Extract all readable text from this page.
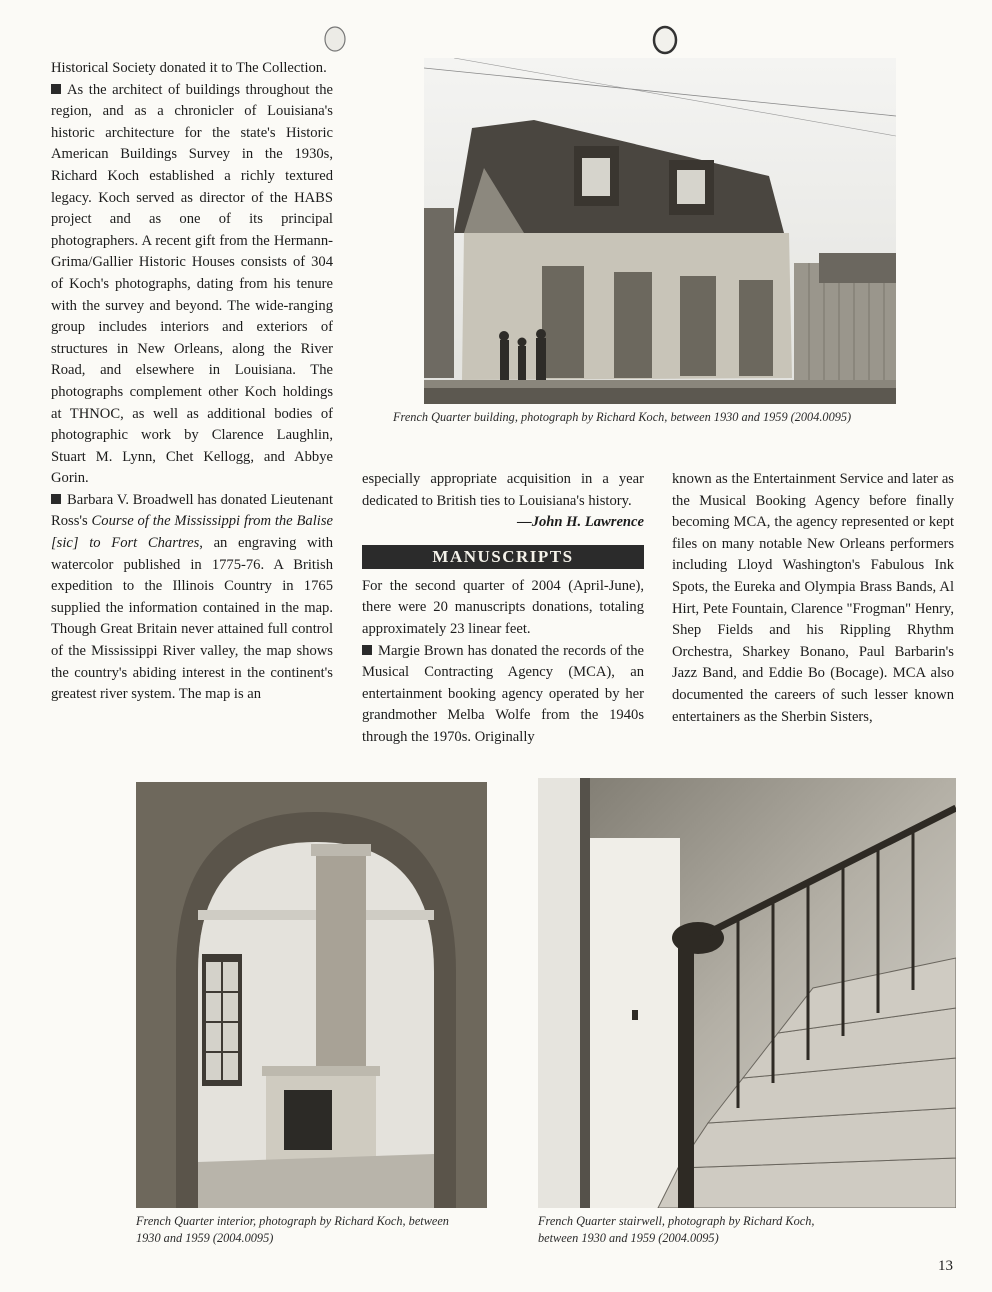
Historical Society donated it to The Collection.

As the architect of buildings throughout the region, and as a chronicler of Louisiana's historic architecture for the state's Historic American Buildings Survey in the 1930s, Richard Koch established a richly textured legacy. Koch served as director of the HABS project and as one of its principal photographers. A recent gift from the Hermann-Grima/Gallier Historic Houses consists of 304 of Koch's photographs, dating from his tenure with the survey and beyond. The wide-ranging group includes interiors and exteriors of structures in New Orleans, along the River Road, and elsewhere in Louisiana. The photographs complement other Koch holdings at THNOC, as well as additional bodies of photographic work by Clarence Laughlin, Stuart M. Lynn, Chet Kellogg, and Abbye Gorin.

Barbara V. Broadwell has donated Lieutenant Ross's Course of the Mississippi from the Balise [sic] to Fort Chartres, an engraving with watercolor published in 1775-76. A British expedition to the Illinois Country in 1765 supplied the information contained in the map. Though Great Britain never attained full control of the Mississippi River valley, the map shows the country's abiding interest in the continent's greatest river system. The map is an

French Quarter building, photograph by Richard Koch, between 1930 and 1959 (2004.0095)

especially appropriate acquisition in a year dedicated to British ties to Louisiana's history.

—John H. Lawrence

MANUSCRIPTS

For the second quarter of 2004 (April-June), there were 20 manuscripts donations, totaling approximately 23 linear feet.

Margie Brown has donated the records of the Musical Contracting Agency (MCA), an entertainment booking agency operated by her grandmother Melba Wolfe from the 1940s through the 1970s. Originally

known as the Entertainment Service and later as the Musical Booking Agency before finally becoming MCA, the agency represented or kept files on many notable New Orleans performers including Lloyd Washington's Fabulous Ink Spots, the Eureka and Olympia Brass Bands, Al Hirt, Pete Fountain, Clarence "Frogman" Henry, Shep Fields and his Rippling Rhythm Orchestra, Sharkey Bonano, Paul Barbarin's Jazz Band, and Eddie Bo (Bocage). MCA also documented the careers of such lesser known entertainers as the Sherbin Sisters,

French Quarter interior, photograph by Richard Koch, between 1930 and 1959 (2004.0095)
French Quarter stairwell, photograph by Richard Koch, between 1930 and 1959 (2004.0095)
13
